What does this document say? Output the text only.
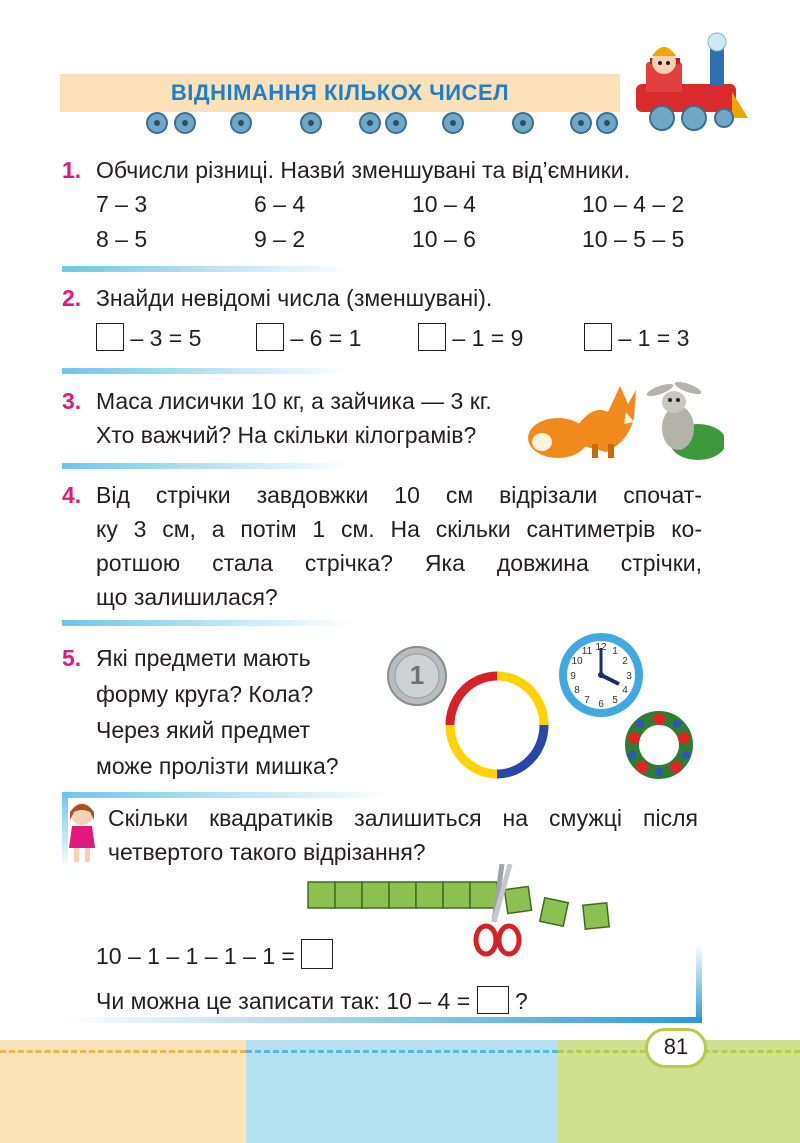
ВІДНІМАННЯ КІЛЬКОХ ЧИСЕЛ
1. Обчисли різниці. Назви́ зменшувані та від’ємники.
7 – 3	6 – 4	10 – 4	10 – 4 – 2
8 – 5	9 – 2	10 – 6	10 – 5 – 5
2. Знайди невідомі числа (зменшувані).
– 3 = 5	– 6 = 1	– 1 = 9	– 1 = 3
3. Маса лисички 10 кг, а зайчика — 3 кг.
Хто важчий? На скільки кілограмів?
4. Від стрічки завдовжки 10 см відрізали спочат-
ку 3 см, а потім 1 см. На скільки сантиметрів ко-
ротшою стала стрічка? Яка довжина стрічки,
що залишилася?
5. Які предмети мають
форму круга? Кола?
Через який предмет
може пролізти мишка?
1
12 1
2
3
4
5
6
7
8
9
10
11
Скільки квадратиків залишиться на смужці після
четвертого такого відрізання?
10 – 1 – 1 – 1 – 1 =
Чи можна це записати так: 10 – 4 = ?
81
